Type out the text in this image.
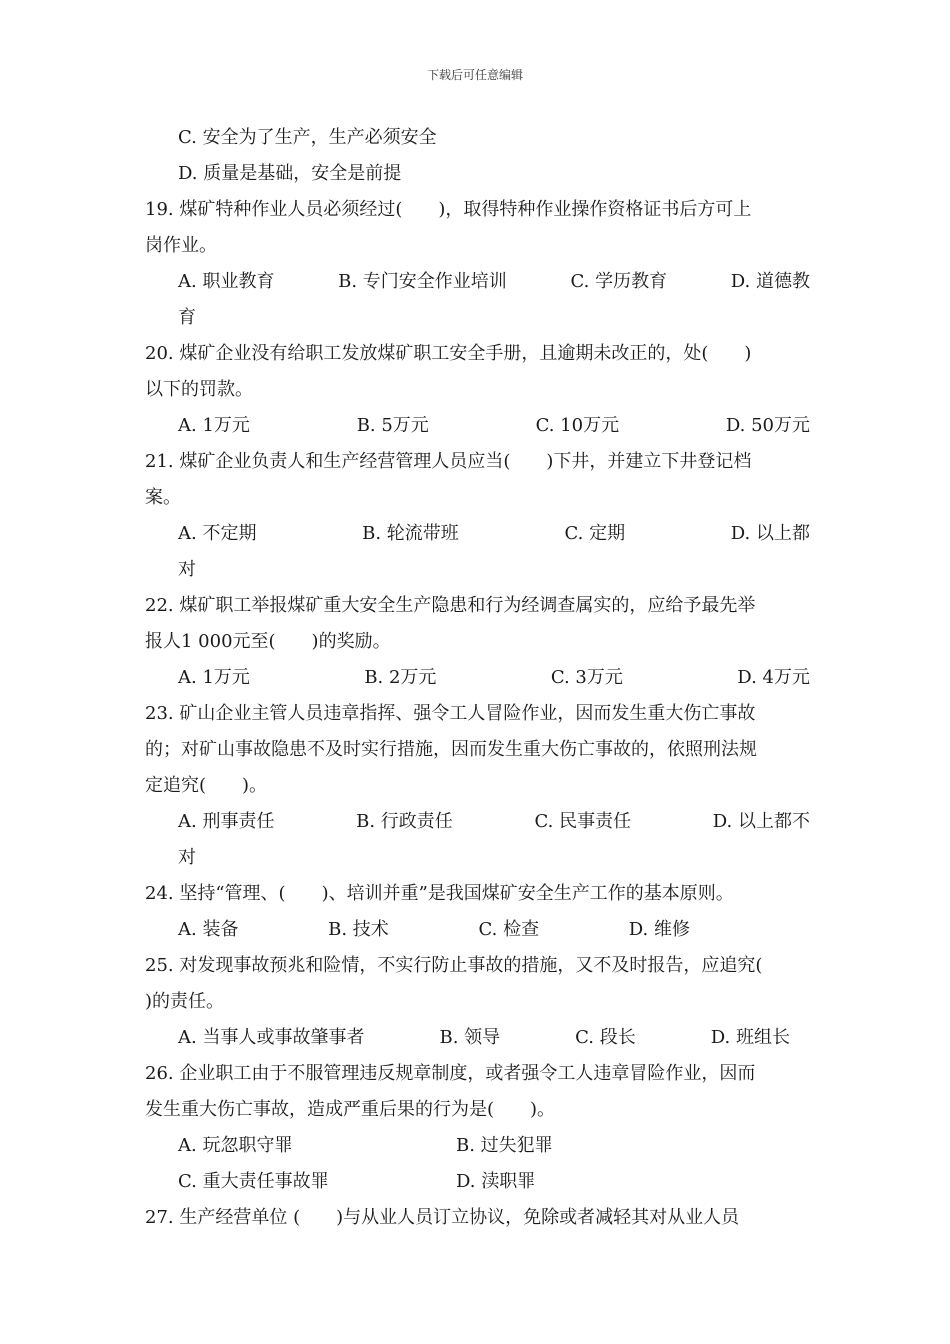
下载后可任意编辑
C. 安全为了生产，生产必须安全
D. 质量是基础，安全是前提
19. 煤矿特种作业人员必须经过(　　)，取得特种作业操作资格证书后方可上
岗作业。
A. 职业教育	B. 专门安全作业培训	C. 学历教育	D. 道德教
育
20. 煤矿企业没有给职工发放煤矿职工安全手册，且逾期未改正的，处(　　)
以下的罚款。
A. 1万元	B. 5万元	C. 10万元	D. 50万元
21. 煤矿企业负责人和生产经营管理人员应当(　　)下井，并建立下井登记档
案。
A. 不定期	B. 轮流带班	C. 定期	D. 以上都
对
22. 煤矿职工举报煤矿重大安全生产隐患和行为经调查属实的，应给予最先举
报人1 000元至(　　)的奖励。
A. 1万元	B. 2万元	C. 3万元	D. 4万元
23. 矿山企业主管人员违章指挥、强令工人冒险作业，因而发生重大伤亡事故
的；对矿山事故隐患不及时实行措施，因而发生重大伤亡事故的，依照刑法规
定追究(　　)。
A. 刑事责任	B. 行政责任	C. 民事责任	D. 以上都不
对
24. 坚持“管理、(　　)、培训并重”是我国煤矿安全生产工作的基本原则。
A. 装备	B. 技术	C. 检查	D. 维修
25. 对发现事故预兆和险情，不实行防止事故的措施，又不及时报告，应追究(
)的责任。
A. 当事人或事故肇事者	B. 领导	C. 段长	D. 班组长
26. 企业职工由于不服管理违反规章制度，或者强令工人违章冒险作业，因而
发生重大伤亡事故，造成严重后果的行为是(　　)。
A. 玩忽职守罪	B. 过失犯罪
C. 重大责任事故罪	D. 渎职罪
27. 生产经营单位 (　　)与从业人员订立协议，免除或者减轻其对从业人员
